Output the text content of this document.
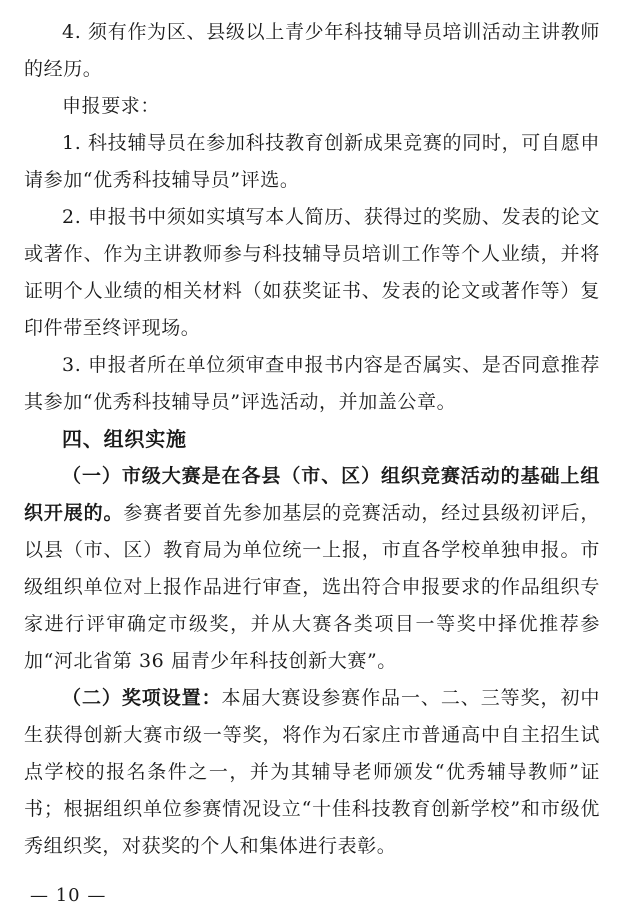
4. 须有作为区、县级以上青少年科技辅导员培训活动主讲教师的经历。

申报要求：

1. 科技辅导员在参加科技教育创新成果竞赛的同时，可自愿申请参加“优秀科技辅导员”评选。

2. 申报书中须如实填写本人简历、获得过的奖励、发表的论文或著作、作为主讲教师参与科技辅导员培训工作等个人业绩，并将证明个人业绩的相关材料（如获奖证书、发表的论文或著作等）复印件带至终评现场。

3. 申报者所在单位须审查申报书内容是否属实、是否同意推荐其参加“优秀科技辅导员”评选活动，并加盖公章。

四、组织实施

（一）市级大赛是在各县（市、区）组织竞赛活动的基础上组织开展的。参赛者要首先参加基层的竞赛活动，经过县级初评后，以县（市、区）教育局为单位统一上报，市直各学校单独申报。市级组织单位对上报作品进行审查，选出符合申报要求的作品组织专家进行评审确定市级奖，并从大赛各类项目一等奖中择优推荐参加“河北省第 36 届青少年科技创新大赛”。

（二）奖项设置：本届大赛设参赛作品一、二、三等奖，初中生获得创新大赛市级一等奖，将作为石家庄市普通高中自主招生试点学校的报名条件之一，并为其辅导老师颁发“优秀辅导教师”证书；根据组织单位参赛情况设立“十佳科技教育创新学校”和市级优秀组织奖，对获奖的个人和集体进行表彰。

— 10 —
